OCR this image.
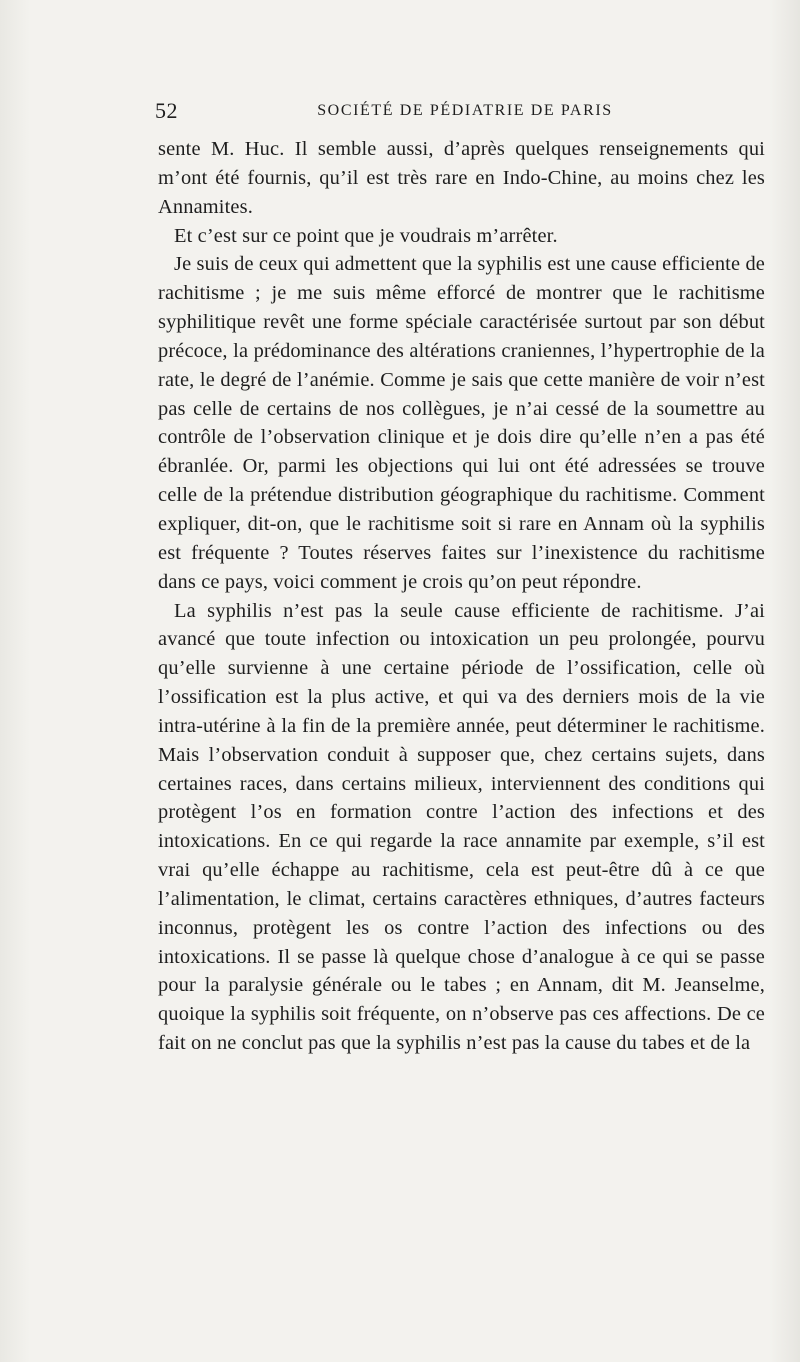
52	SOCIÉTÉ DE PÉDIATRIE DE PARIS

sente M. Huc. Il semble aussi, d’après quelques renseignements qui m’ont été fournis, qu’il est très rare en Indo-Chine, au moins chez les Annamites.

Et c’est sur ce point que je voudrais m’arrêter.

Je suis de ceux qui admettent que la syphilis est une cause efficiente de rachitisme ; je me suis même efforcé de montrer que le rachitisme syphilitique revêt une forme spéciale caractérisée surtout par son début précoce, la prédominance des altérations craniennes, l’hypertrophie de la rate, le degré de l’anémie. Comme je sais que cette manière de voir n’est pas celle de certains de nos collègues, je n’ai cessé de la soumettre au contrôle de l’observation clinique et je dois dire qu’elle n’en a pas été ébranlée. Or, parmi les objections qui lui ont été adressées se trouve celle de la prétendue distribution géographique du rachitisme. Comment expliquer, dit-on, que le rachitisme soit si rare en Annam où la syphilis est fréquente ? Toutes réserves faites sur l’inexistence du rachitisme dans ce pays, voici comment je crois qu’on peut répondre.

La syphilis n’est pas la seule cause efficiente de rachitisme. J’ai avancé que toute infection ou intoxication un peu prolongée, pourvu qu’elle survienne à une certaine période de l’ossification, celle où l’ossification est la plus active, et qui va des derniers mois de la vie intra-utérine à la fin de la première année, peut déterminer le rachitisme. Mais l’observation conduit à supposer que, chez certains sujets, dans certaines races, dans certains milieux, interviennent des conditions qui protègent l’os en formation contre l’action des infections et des intoxications. En ce qui regarde la race annamite par exemple, s’il est vrai qu’elle échappe au rachitisme, cela est peut-être dû à ce que l’alimentation, le climat, certains caractères ethniques, d’autres facteurs inconnus, protègent les os contre l’action des infections ou des intoxications. Il se passe là quelque chose d’analogue à ce qui se passe pour la paralysie générale ou le tabes ; en Annam, dit M. Jeanselme, quoique la syphilis soit fréquente, on n’observe pas ces affections. De ce fait on ne conclut pas que la syphilis n’est pas la cause du tabes et de la
